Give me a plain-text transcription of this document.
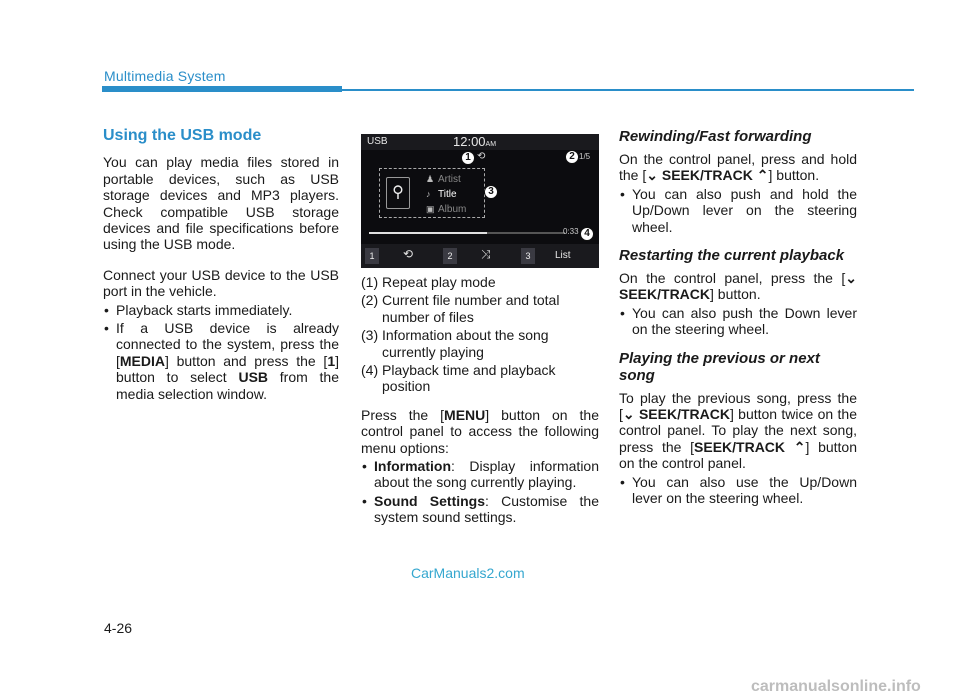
Multimedia System
Using the USB mode
You can play media files stored in portable devices, such as USB storage devices and MP3 players. Check compatible USB storage devices and file specifications before using the USB mode.
Connect your USB device to the USB port in the vehicle.
• Playback starts immediately.
• If a USB device is already connected to the system, press the [MEDIA] button and press the [1] button to select USB from the media selection window.
USB	12:00AM
⟲	1/5
⚲
♟ Artist
♪ Title
▣ Album
0:33
1	⟲	2	⤨	3	List
1	2
3
4
(1) Repeat play mode
(2) Current file number and total number of files
(3) Information about the song currently playing
(4) Playback time and playback position
Press the [MENU] button on the control panel to access the following menu options:
• Information: Display information about the song currently playing.
• Sound Settings: Customise the system sound settings.
Rewinding/Fast forwarding
On the control panel, press and hold the [⌄ SEEK/TRACK ⌃] button.
• You can also push and hold the Up/Down lever on the steering wheel.
Restarting the current playback
On the control panel, press the [⌄ SEEK/TRACK] button.
• You can also push the Down lever on the steering wheel.
Playing the previous or next song
To play the previous song, press the [⌄ SEEK/TRACK] button twice on the control panel. To play the next song, press the [SEEK/TRACK ⌃] button on the control panel.
• You can also use the Up/Down lever on the steering wheel.
CarManuals2.com
4-26
carmanualsonline.info
